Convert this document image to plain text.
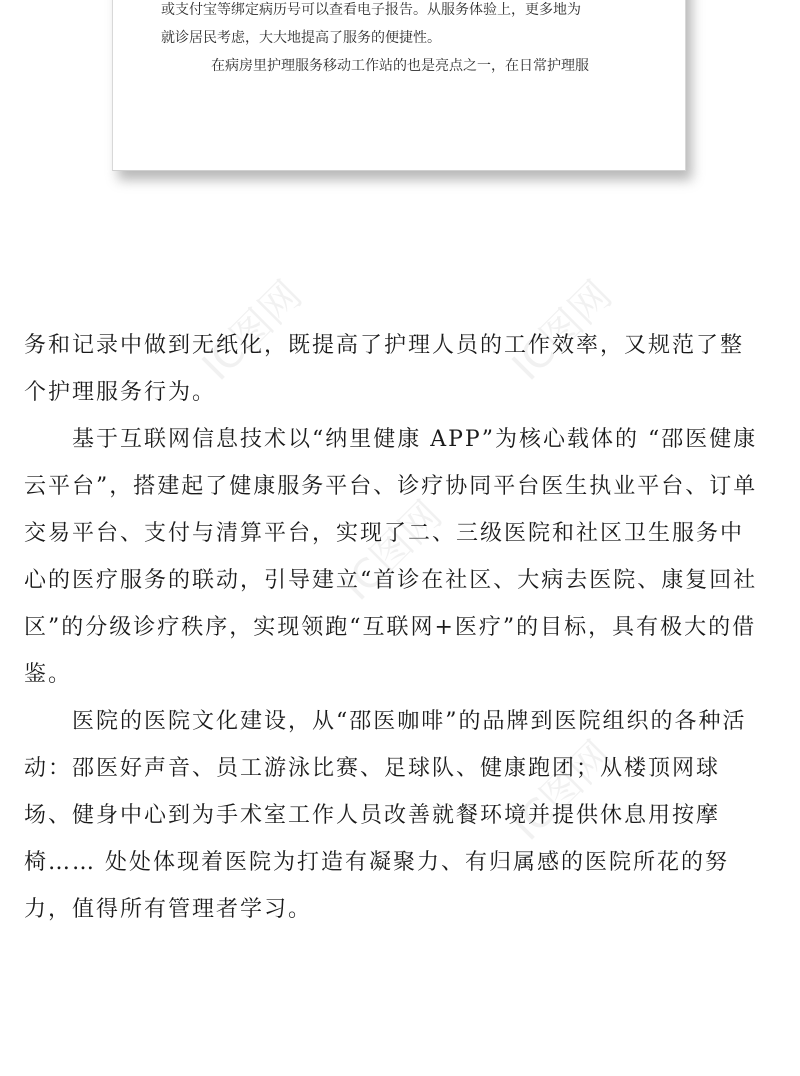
或支付宝等绑定病历号可以查看电子报告。从服务体验上，更多地为
就诊居民考虑，大大地提高了服务的便捷性。
在病房里护理服务移动工作站的也是亮点之一，在日常护理服
IC图网	IC图网
IC图网
IC图网
务和记录中做到无纸化，既提高了护理人员的工作效率，又规范了整
个护理服务行为。
基于互联网信息技术以“纳里健康 APP”为核心载体的 “邵医健康
云平台”，搭建起了健康服务平台、诊疗协同平台医生执业平台、订单
交易平台、支付与清算平台，实现了二、三级医院和社区卫生服务中
心的医疗服务的联动，引导建立“首诊在社区、大病去医院、康复回社
区”的分级诊疗秩序，实现领跑“互联网+医疗”的目标，具有极大的借
鉴。
医院的医院文化建设，从“邵医咖啡”的品牌到医院组织的各种活
动：邵医好声音、员工游泳比赛、足球队、健康跑团；从楼顶网球
场、健身中心到为手术室工作人员改善就餐环境并提供休息用按摩
椅…… 处处体现着医院为打造有凝聚力、有归属感的医院所花的努
力，值得所有管理者学习。
